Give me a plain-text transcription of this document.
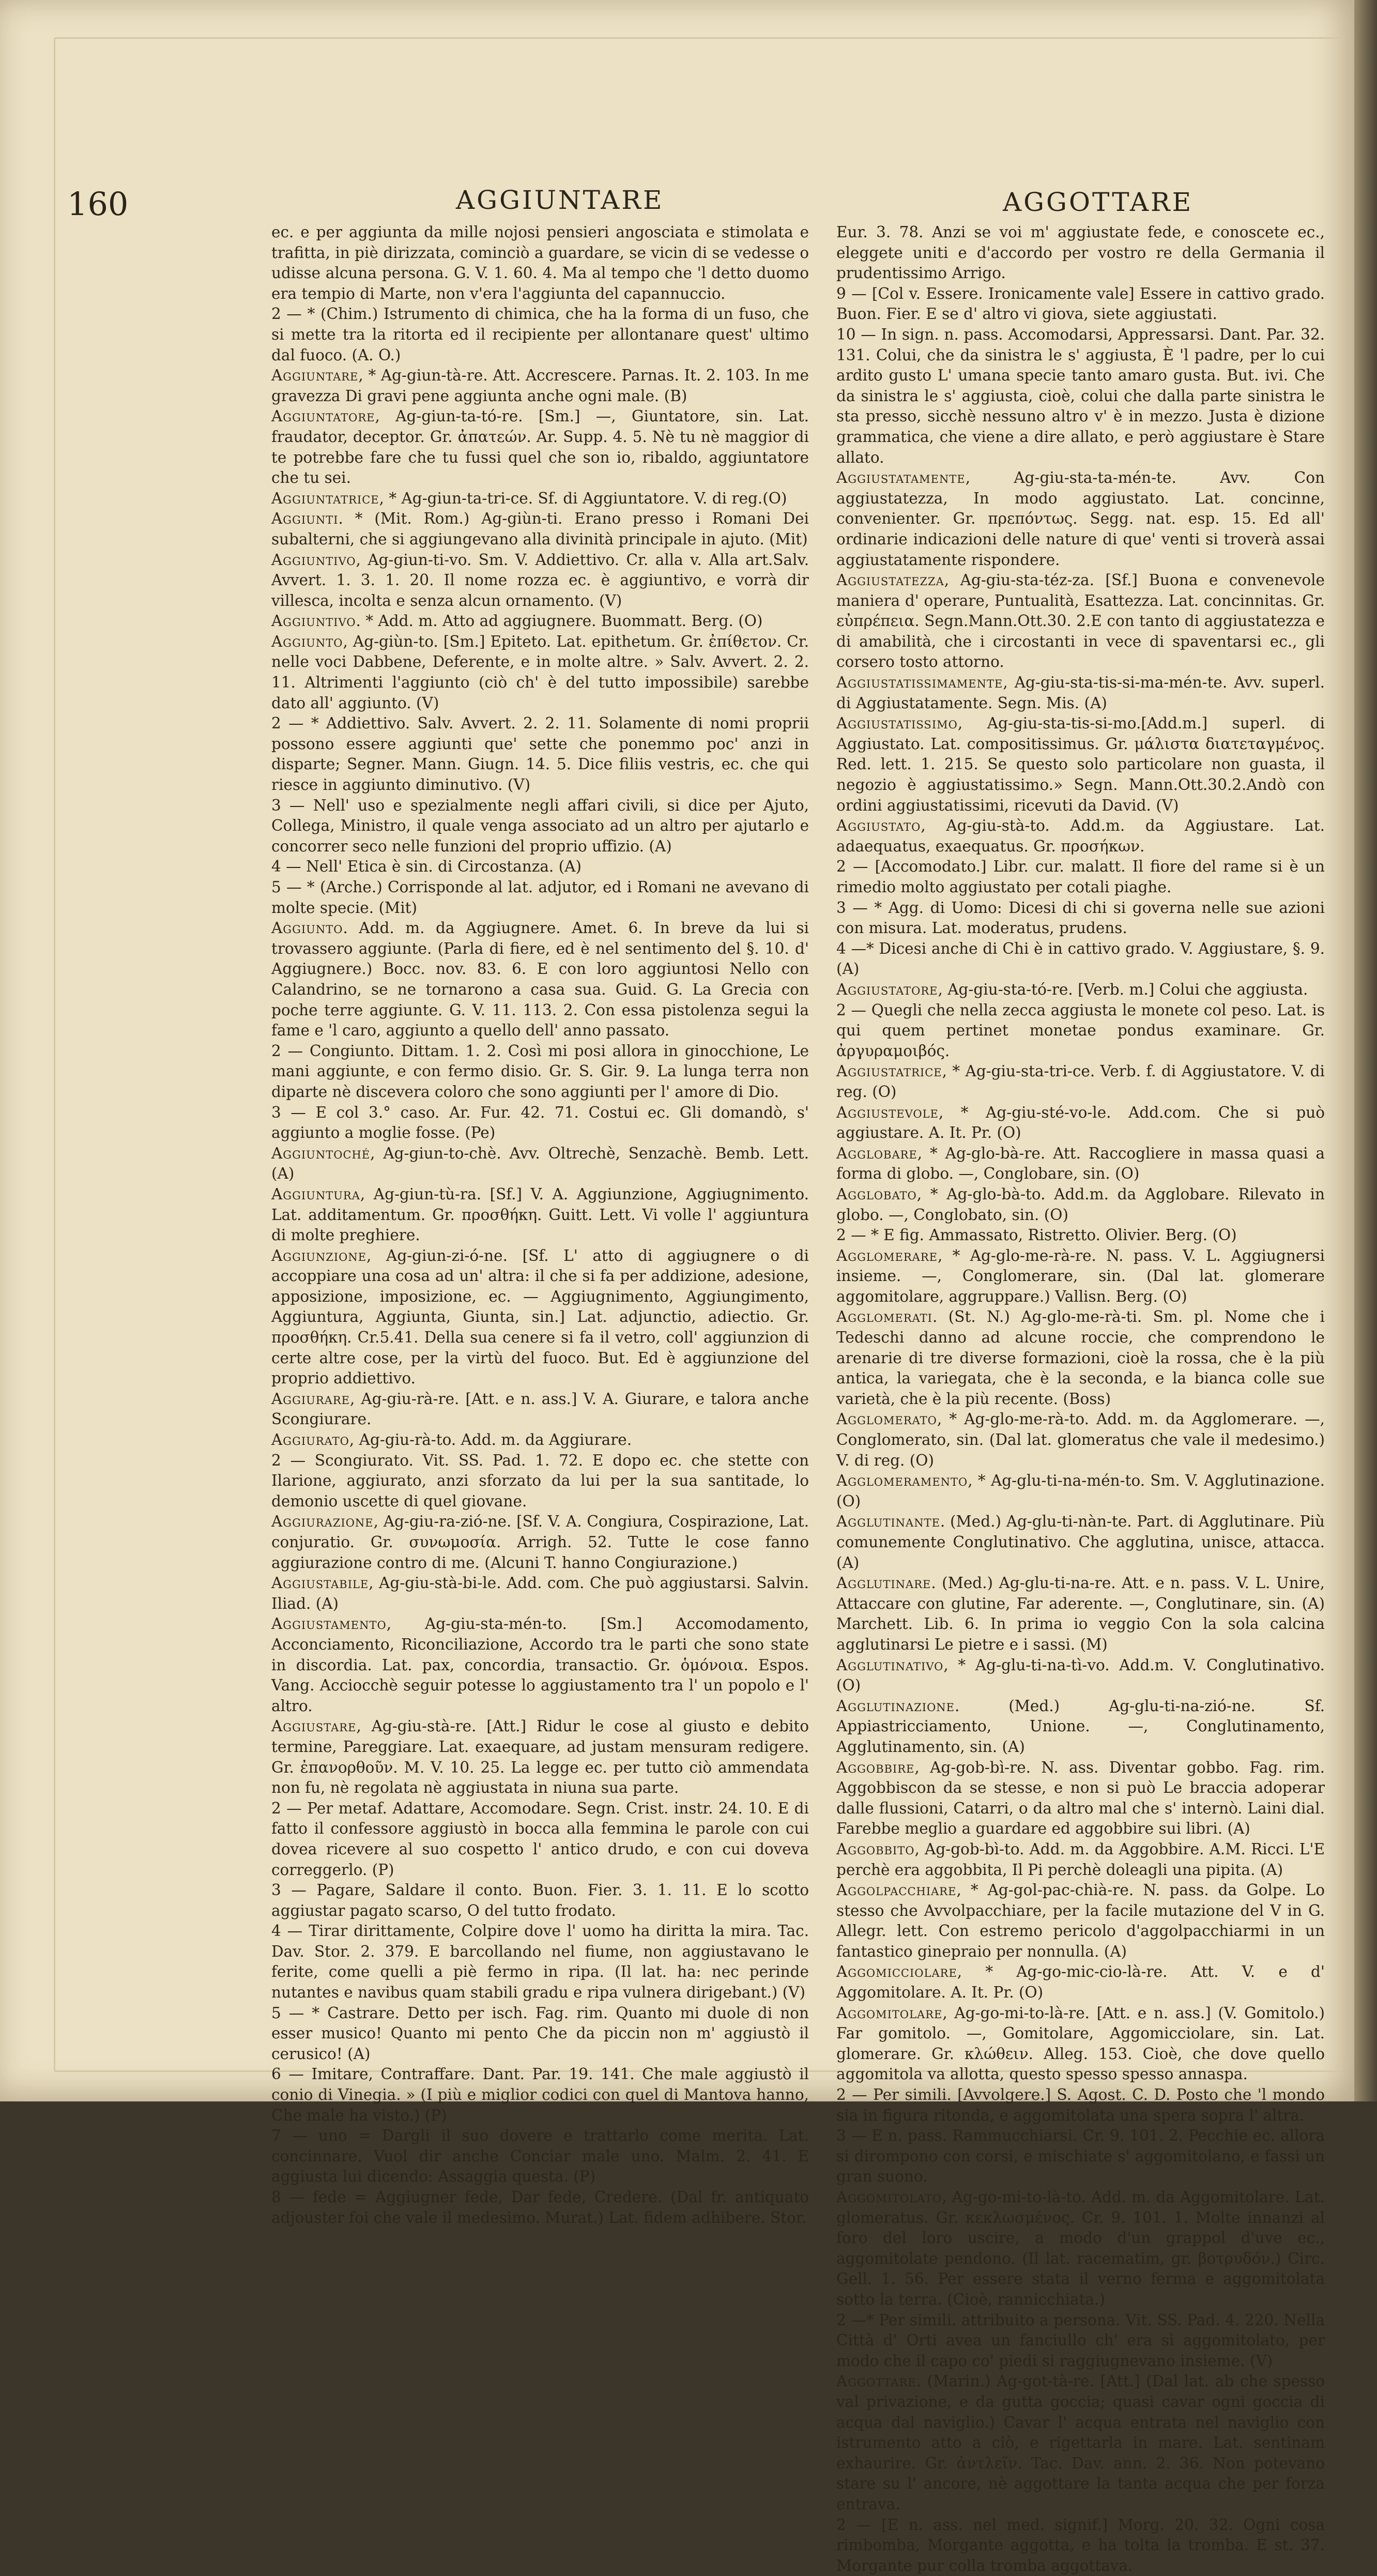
160	AGGIUNTARE	AGGOTTARE

ec. e per aggiunta da mille nojosi pensieri angosciata e stimolata e trafitta, in piè dirizzata, cominciò a guardare, se vicin di se vedesse o udisse alcuna persona. G. V. 1. 60. 4. Ma al tempo che 'l detto duomo era tempio di Marte, non v'era l'aggiunta del capannuccio.

2 — * (Chim.) Istrumento di chimica, che ha la forma di un fuso, che si mette tra la ritorta ed il recipiente per allontanare quest' ultimo dal fuoco. (A. O.)

Aggiuntare, * Ag-giun-tà-re. Att. Accrescere. Parnas. It. 2. 103. In me gravezza Di gravi pene aggiunta anche ogni male. (B)

Aggiuntatore, Ag-giun-ta-tó-re. [Sm.] —, Giuntatore, sin. Lat. fraudator, deceptor. Gr. ἀπατεών. Ar. Supp. 4. 5. Nè tu nè maggior di te potrebbe fare che tu fussi quel che son io, ribaldo, aggiuntatore che tu sei.

Aggiuntatrice, * Ag-giun-ta-tri-ce. Sf. di Aggiuntatore. V. di reg.(O)

Aggiunti. * (Mit. Rom.) Ag-giùn-ti. Erano presso i Romani Dei subalterni, che si aggiungevano alla divinità principale in ajuto. (Mit)

Aggiuntivo, Ag-giun-ti-vo. Sm. V. Addiettivo. Cr. alla v. Alla art.Salv. Avvert. 1. 3. 1. 20. Il nome rozza ec. è aggiuntivo, e vorrà dir villesca, incolta e senza alcun ornamento. (V)

Aggiuntivo. * Add. m. Atto ad aggiugnere. Buommatt. Berg. (O)

Aggiunto, Ag-giùn-to. [Sm.] Epiteto. Lat. epithetum. Gr. ἐπίθετον. Cr. nelle voci Dabbene, Deferente, e in molte altre. » Salv. Avvert. 2. 2. 11. Altrimenti l'aggiunto (ciò ch' è del tutto impossibile) sarebbe dato all' aggiunto. (V)

2 — * Addiettivo. Salv. Avvert. 2. 2. 11. Solamente di nomi proprii possono essere aggiunti que' sette che ponemmo poc' anzi in disparte; Segner. Mann. Giugn. 14. 5. Dice filiis vestris, ec. che qui riesce in aggiunto diminutivo. (V)

3 — Nell' uso e spezialmente negli affari civili, si dice per Ajuto, Collega, Ministro, il quale venga associato ad un altro per ajutarlo e concorrer seco nelle funzioni del proprio uffizio. (A)

4 — Nell' Etica è sin. di Circostanza. (A)

5 — * (Arche.) Corrisponde al lat. adjutor, ed i Romani ne avevano di molte specie. (Mit)

Aggiunto. Add. m. da Aggiugnere. Amet. 6. In breve da lui si trovassero aggiunte. (Parla di fiere, ed è nel sentimento del §. 10. d' Aggiugnere.) Bocc. nov. 83. 6. E con loro aggiuntosi Nello con Calandrino, se ne tornarono a casa sua. Guid. G. La Grecia con poche terre aggiunte. G. V. 11. 113. 2. Con essa pistolenza segui la fame e 'l caro, aggiunto a quello dell' anno passato.

2 — Congiunto. Dittam. 1. 2. Così mi posi allora in ginocchione, Le mani aggiunte, e con fermo disio. Gr. S. Gir. 9. La lunga terra non diparte nè discevera coloro che sono aggiunti per l' amore di Dio.

3 — E col 3.° caso. Ar. Fur. 42. 71. Costui ec. Gli domandò, s' aggiunto a moglie fosse. (Pe)

Aggiuntoché, Ag-giun-to-chè. Avv. Oltrechè, Senzachè. Bemb. Lett. (A)

Aggiuntura, Ag-giun-tù-ra. [Sf.] V. A. Aggiunzione, Aggiugnimento. Lat. additamentum. Gr. προσθήκη. Guitt. Lett. Vi volle l' aggiuntura di molte preghiere.

Aggiunzione, Ag-giun-zi-ó-ne. [Sf. L' atto di aggiugnere o di accoppiare una cosa ad un' altra: il che si fa per addizione, adesione, apposizione, imposizione, ec. — Aggiugnimento, Aggiungimento, Aggiuntura, Aggiunta, Giunta, sin.] Lat. adjunctio, adiectio. Gr. προσθήκη. Cr.5.41. Della sua cenere si fa il vetro, coll' aggiunzion di certe altre cose, per la virtù del fuoco. But. Ed è aggiunzione del proprio addiettivo.

Aggiurare, Ag-giu-rà-re. [Att. e n. ass.] V. A. Giurare, e talora anche Scongiurare.

Aggiurato, Ag-giu-rà-to. Add. m. da Aggiurare.

2 — Scongiurato. Vit. SS. Pad. 1. 72. E dopo ec. che stette con Ilarione, aggiurato, anzi sforzato da lui per la sua santitade, lo demonio uscette di quel giovane.

Aggiurazione, Ag-giu-ra-zió-ne. [Sf. V. A. Congiura, Cospirazione, Lat. conjuratio. Gr. συνωμοσία. Arrigh. 52. Tutte le cose fanno aggiurazione contro di me. (Alcuni T. hanno Congiurazione.)

Aggiustabile, Ag-giu-stà-bi-le. Add. com. Che può aggiustarsi. Salvin. Iliad. (A)

Aggiustamento, Ag-giu-sta-mén-to. [Sm.] Accomodamento, Acconciamento, Riconciliazione, Accordo tra le parti che sono state in discordia. Lat. pax, concordia, transactio. Gr. ὁμόνοια. Espos. Vang. Acciocchè seguir potesse lo aggiustamento tra l' un popolo e l' altro.

Aggiustare, Ag-giu-stà-re. [Att.] Ridur le cose al giusto e debito termine, Pareggiare. Lat. exaequare, ad justam mensuram redigere. Gr. ἐπανορθοῦν. M. V. 10. 25. La legge ec. per tutto ciò ammendata non fu, nè regolata nè aggiustata in niuna sua parte.

2 — Per metaf. Adattare, Accomodare. Segn. Crist. instr. 24. 10. E di fatto il confessore aggiustò in bocca alla femmina le parole con cui dovea ricevere al suo cospetto l' antico drudo, e con cui doveva correggerlo. (P)

3 — Pagare, Saldare il conto. Buon. Fier. 3. 1. 11. E lo scotto aggiustar pagato scarso, O del tutto frodato.

4 — Tirar dirittamente, Colpire dove l' uomo ha diritta la mira. Tac. Dav. Stor. 2. 379. E barcollando nel fiume, non aggiustavano le ferite, come quelli a piè fermo in ripa. (Il lat. ha: nec perinde nutantes e navibus quam stabili gradu e ripa vulnera dirigebant.) (V)

5 — * Castrare. Detto per isch. Fag. rim. Quanto mi duole di non esser musico! Quanto mi pento Che da piccin non m' aggiustò il cerusico! (A)

6 — Imitare, Contraffare. Dant. Par. 19. 141. Che male aggiustò il conio di Vinegia. » (I più e miglior codici con quel di Mantova hanno, Che male ha visto.) (P)

7 — uno = Dargli il suo dovere e trattarlo come merita. Lat. concinnare. Vuol dir anche Conciar male uno. Malm. 2. 41. E aggiusta lui dicendo: Assaggia questa. (P)

8 — fede = Aggiugner fede, Dar fede, Credere. (Dal fr. antiquato adjouster foi che vale il medesimo. Murat.) Lat. fidem adhibere. Stor.

Eur. 3. 78. Anzi se voi m' aggiustate fede, e conoscete ec., eleggete uniti e d'accordo per vostro re della Germania il prudentissimo Arrigo.

9 — [Col v. Essere. Ironicamente vale] Essere in cattivo grado. Buon. Fier. E se d' altro vi giova, siete aggiustati.

10 — In sign. n. pass. Accomodarsi, Appressarsi. Dant. Par. 32. 131. Colui, che da sinistra le s' aggiusta, È 'l padre, per lo cui ardito gusto L' umana specie tanto amaro gusta. But. ivi. Che da sinistra le s' aggiusta, cioè, colui che dalla parte sinistra le sta presso, sicchè nessuno altro v' è in mezzo. Justa è dizione grammatica, che viene a dire allato, e però aggiustare è Stare allato.

Aggiustatamente, Ag-giu-sta-ta-mén-te. Avv. Con aggiustatezza, In modo aggiustato. Lat. concinne, convenienter. Gr. πρεπόντως. Segg. nat. esp. 15. Ed all' ordinarie indicazioni delle nature di que' venti si troverà assai aggiustatamente rispondere.

Aggiustatezza, Ag-giu-sta-téz-za. [Sf.] Buona e convenevole maniera d' operare, Puntualità, Esattezza. Lat. concinnitas. Gr. εὐπρέπεια. Segn.Mann.Ott.30. 2.E con tanto di aggiustatezza e di amabilità, che i circostanti in vece di spaventarsi ec., gli corsero tosto attorno.

Aggiustatissimamente, Ag-giu-sta-tis-si-ma-mén-te. Avv. superl. di Aggiustatamente. Segn. Mis. (A)

Aggiustatissimo, Ag-giu-sta-tis-si-mo.[Add.m.] superl. di Aggiustato. Lat. compositissimus. Gr. μάλιστα διατεταγμένος. Red. lett. 1. 215. Se questo solo particolare non guasta, il negozio è aggiustatissimo.» Segn. Mann.Ott.30.2.Andò con ordini aggiustatissimi, ricevuti da David. (V)

Aggiustato, Ag-giu-stà-to. Add.m. da Aggiustare. Lat. adaequatus, exaequatus. Gr. προσήκων.

2 — [Accomodato.] Libr. cur. malatt. Il fiore del rame si è un rimedio molto aggiustato per cotali piaghe.

3 — * Agg. di Uomo: Dicesi di chi si governa nelle sue azioni con misura. Lat. moderatus, prudens.

4 —* Dicesi anche di Chi è in cattivo grado. V. Aggiustare, §. 9. (A)

Aggiustatore, Ag-giu-sta-tó-re. [Verb. m.] Colui che aggiusta.

2 — Quegli che nella zecca aggiusta le monete col peso. Lat. is qui quem pertinet monetae pondus examinare. Gr. ἀργυραμοιβός.

Aggiustatrice, * Ag-giu-sta-tri-ce. Verb. f. di Aggiustatore. V. di reg. (O)

Aggiustevole, * Ag-giu-sté-vo-le. Add.com. Che si può aggiustare. A. It. Pr. (O)

Agglobare, * Ag-glo-bà-re. Att. Raccogliere in massa quasi a forma di globo. —, Conglobare, sin. (O)

Agglobato, * Ag-glo-bà-to. Add.m. da Agglobare. Rilevato in globo. —, Conglobato, sin. (O)

2 — * E fig. Ammassato, Ristretto. Olivier. Berg. (O)

Agglomerare, * Ag-glo-me-rà-re. N. pass. V. L. Aggiugnersi insieme. —, Conglomerare, sin. (Dal lat. glomerare aggomitolare, aggruppare.) Vallisn. Berg. (O)

Agglomerati. (St. N.) Ag-glo-me-rà-ti. Sm. pl. Nome che i Tedeschi danno ad alcune roccie, che comprendono le arenarie di tre diverse formazioni, cioè la rossa, che è la più antica, la variegata, che è la seconda, e la bianca colle sue varietà, che è la più recente. (Boss)

Agglomerato, * Ag-glo-me-rà-to. Add. m. da Agglomerare. —, Conglomerato, sin. (Dal lat. glomeratus che vale il medesimo.) V. di reg. (O)

Agglomeramento, * Ag-glu-ti-na-mén-to. Sm. V. Agglutinazione. (O)

Agglutinante. (Med.) Ag-glu-ti-nàn-te. Part. di Agglutinare. Più comunemente Conglutinativo. Che agglutina, unisce, attacca. (A)

Agglutinare. (Med.) Ag-glu-ti-na-re. Att. e n. pass. V. L. Unire, Attaccare con glutine, Far aderente. —, Conglutinare, sin. (A) Marchett. Lib. 6. In prima io veggio Con la sola calcina agglutinarsi Le pietre e i sassi. (M)

Agglutinativo, * Ag-glu-ti-na-tì-vo. Add.m. V. Conglutinativo. (O)

Agglutinazione. (Med.) Ag-glu-ti-na-zió-ne. Sf. Appiastricciamento, Unione. —, Conglutinamento, Agglutinamento, sin. (A)

Aggobbire, Ag-gob-bì-re. N. ass. Diventar gobbo. Fag. rim. Aggobbiscon da se stesse, e non si può Le braccia adoperar dalle flussioni, Catarri, o da altro mal che s' internò. Laini dial. Farebbe meglio a guardare ed aggobbire sui libri. (A)

Aggobbito, Ag-gob-bì-to. Add. m. da Aggobbire. A.M. Ricci. L'E perchè era aggobbita, Il Pi perchè doleagli una pipita. (A)

Aggolpacchiare, * Ag-gol-pac-chià-re. N. pass. da Golpe. Lo stesso che Avvolpacchiare, per la facile mutazione del V in G. Allegr. lett. Con estremo pericolo d'aggolpacchiarmi in un fantastico ginepraio per nonnulla. (A)

Aggomicciolare, * Ag-go-mic-cio-là-re. Att. V. e d' Aggomitolare. A. It. Pr. (O)

Aggomitolare, Ag-go-mi-to-là-re. [Att. e n. ass.] (V. Gomitolo.) Far gomitolo. —, Gomitolare, Aggomicciolare, sin. Lat. glomerare. Gr. κλώθειν. Alleg. 153. Cioè, che dove quello aggomitola va allotta, questo spesso spesso annaspa.

2 — Per simili. [Avvolgere.] S. Agost. C. D. Posto che 'l mondo sia in figura ritonda, e aggomitolata una spera sopra l' altra.

3 — E n. pass. Rammucchiarsi. Cr. 9. 101. 2. Pecchie ec. allora si dirompono con corsi, e mischiate s' aggomitolano, e fassi un gran suono.

Aggomitolato, Ag-go-mi-to-là-to. Add. m. da Aggomitolare. Lat. glomeratus. Gr. κεκλωσμένος. Cr. 9. 101. 1. Molte innanzi al foro del loro uscire, a modo d'un grappol d'uve ec., aggomitolate pendono. (Il lat. racematim, gr. βοτρυδόν.) Circ. Gell. 1. 56. Per essere stata il verno ferma e aggomitolata sotto la terra. (Cioè, rannicchiata.)

2 —* Per simili. attribuito a persona. Vit. SS. Pad. 4. 220. Nella Città d' Orti avea un fanciullo ch' era sì aggomitolato, per modo che il capo co' piedi si raggiugnevano insieme. (V)

Aggottare. (Marin.) Ag-got-tà-re. [Att.] (Dal lat. ab che spesso val privazione, e da gutta goccia; quasi cavar ogni goccia di acqua dal naviglio.) Cavar l' acqua entrata nel naviglio con istrumento atto a ciò, e rigettarla in mare. Lat. sentinam exhaurire. Gr. ἀντλεῖν. Tac. Dav. ann. 2. 36. Non potevano stare su l' ancore, nè aggottare la tanta acqua che per forza entrava.

2 — [E n. ass. nel med. signif.] Morg. 20. 32. Ogni cosa rimbomba, Morgante aggotta, e ha tolta la tromba. E st. 37. Morgante pur colla tromba aggottava.
